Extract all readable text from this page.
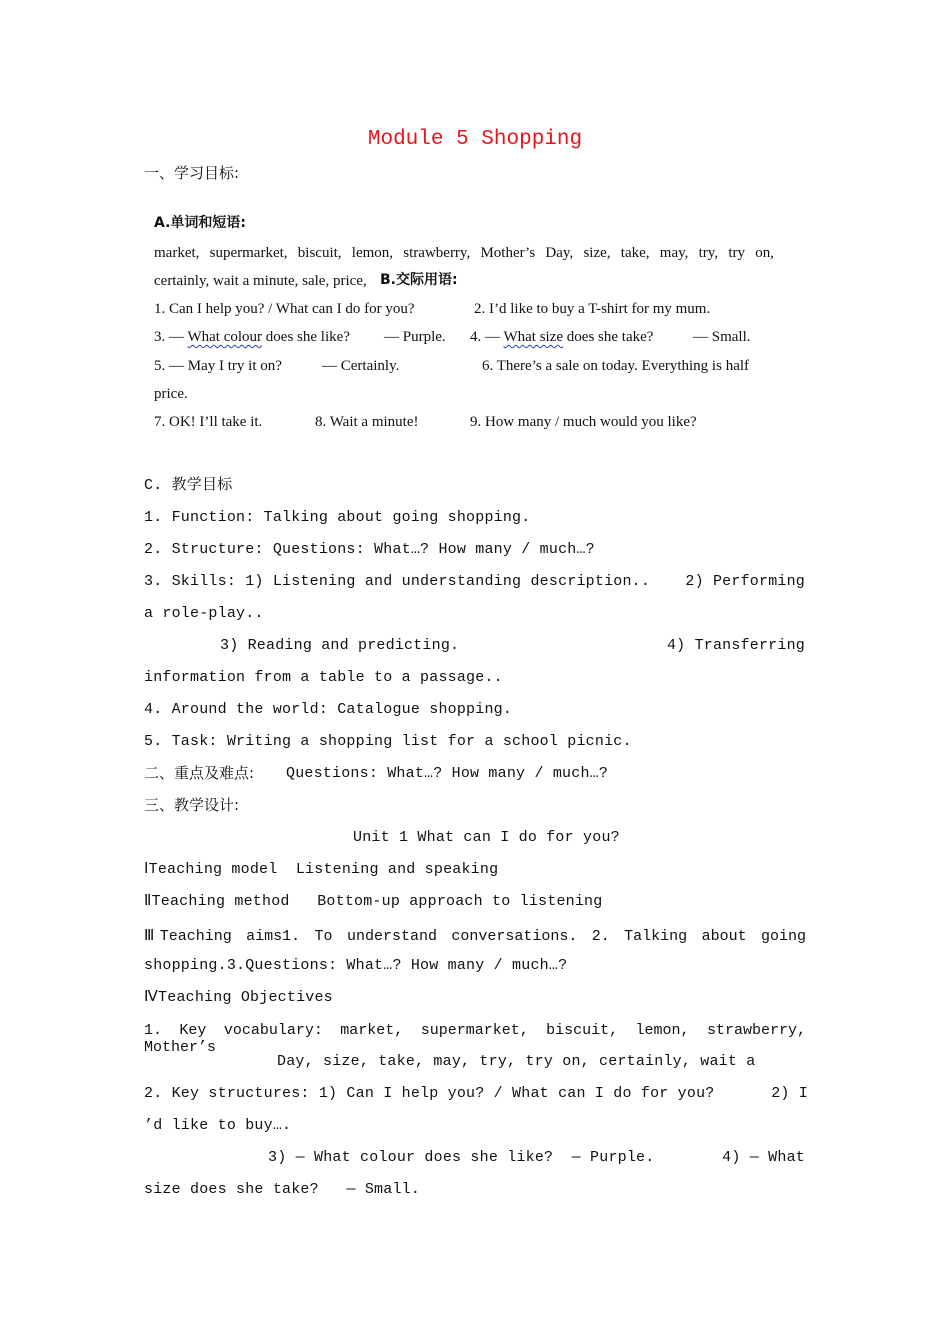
Module 5 Shopping
一、学习目标:
A.单词和短语:
market, supermarket, biscuit, lemon, strawberry, Mother’s Day, size, take, may, try, try on,
certainly, wait a minute, sale, price, B.交际用语:
1. Can I help you? / What can I do for you?	2. I’d like to buy a T-shirt for my mum.
3. — What colour does she like? — Purple. 4. — What size does she take?	— Small.
5. — May I try it on?	— Certainly.	6. There’s a sale on today. Everything is half
price.
7. OK! I’ll take it.	8. Wait a minute!	9. How many / much would you like?
C. 教学目标
1. Function: Talking about going shopping.
2. Structure: Questions: What…? How many / much…?
3. Skills: 1) Listening and understanding description.. 2) Performing
a role-play..
3) Reading and predicting.	4) Transferring
information from a table to a passage..
4. Around the world: Catalogue shopping.
5. Task: Writing a shopping list for a school picnic.
二、重点及难点: Questions: What…? How many / much…?
三、教学设计:
Unit 1 What can I do for you?
ⅠTeaching model  Listening and speaking
ⅡTeaching method   Bottom-up approach to listening
ⅢTeaching aims1. To understand conversations. 2. Talking about going
shopping.3.Questions: What…? How many / much…?
ⅣTeaching Objectives
1. Key vocabulary: market, supermarket, biscuit, lemon, strawberry, Mother’s
Day, size, take, may, try, try on, certainly, wait a
2. Key structures: 1) Can I help you? / What can I do for you?	2) I
’d like to buy….
3) — What colour does she like?  — Purple.	4) — What
size does she take?   — Small.
